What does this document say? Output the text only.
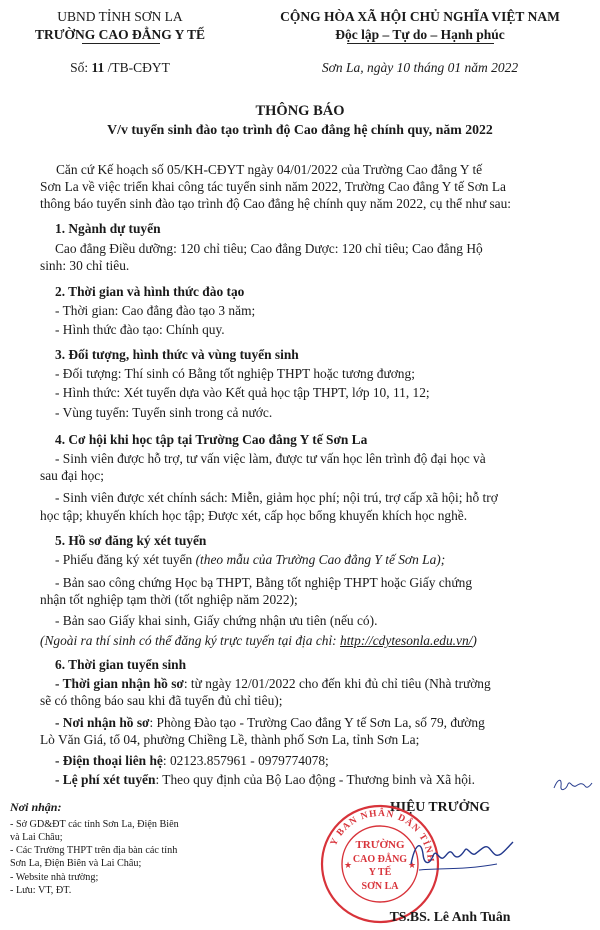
UBND TỈNH SƠN LA
TRƯỜNG CAO ĐẲNG Y TẾ
Số: 11 /TB-CĐYT
CỘNG HÒA XÃ HỘI CHỦ NGHĨA VIỆT NAM
Độc lập – Tự do – Hạnh phúc
Sơn La, ngày 10 tháng 01 năm 2022
THÔNG BÁO
V/v tuyển sinh đào tạo trình độ Cao đẳng hệ chính quy, năm 2022
Căn cứ Kế hoạch số 05/KH-CĐYT ngày 04/01/2022 của Trường Cao đẳng Y tế
Sơn La về việc triển khai công tác tuyển sinh năm 2022, Trường Cao đẳng Y tế Sơn La
thông báo tuyển sinh đào tạo trình độ Cao đẳng hệ chính quy năm 2022, cụ thể như sau:
1. Ngành dự tuyển
Cao đẳng Điều dưỡng: 120 chỉ tiêu; Cao đẳng Dược: 120 chỉ tiêu; Cao đẳng Hộ
sinh: 30 chỉ tiêu.
2. Thời gian và hình thức đào tạo
- Thời gian: Cao đẳng đào tạo 3 năm;
- Hình thức đào tạo: Chính quy.
3. Đối tượng, hình thức và vùng tuyển sinh
- Đối tượng: Thí sinh có Bằng tốt nghiệp THPT hoặc tương đương;
- Hình thức: Xét tuyển dựa vào Kết quả học tập THPT, lớp 10, 11, 12;
- Vùng tuyển: Tuyển sinh trong cả nước.
4. Cơ hội khi học tập tại Trường Cao đẳng Y tế Sơn La
- Sinh viên được hỗ trợ, tư vấn việc làm, được tư vấn học lên trình độ đại học và
sau đại học;
- Sinh viên được xét chính sách: Miễn, giảm học phí; nội trú, trợ cấp xã hội; hỗ trợ
học tập; khuyến khích học tập; Được xét, cấp học bổng khuyến khích học nghề.
5. Hồ sơ đăng ký xét tuyển
- Phiếu đăng ký xét tuyển (theo mẫu của Trường Cao đẳng Y tế Sơn La);
- Bản sao công chứng Học bạ THPT, Bằng tốt nghiệp THPT hoặc Giấy chứng
nhận tốt nghiệp tạm thời (tốt nghiệp năm 2022);
- Bản sao Giấy khai sinh, Giấy chứng nhận ưu tiên (nếu có).
(Ngoài ra thí sinh có thể đăng ký trực tuyến tại địa chỉ: http://cdytesonla.edu.vn/)
6. Thời gian tuyển sinh
- Thời gian nhận hồ sơ: từ ngày 12/01/2022 cho đến khi đủ chỉ tiêu (Nhà trường
sẽ có thông báo sau khi đã tuyển đủ chỉ tiêu);
- Nơi nhận hồ sơ: Phòng Đào tạo - Trường Cao đẳng Y tế Sơn La, số 79, đường
Lò Văn Giá, tổ 04, phường Chiềng Lề, thành phố Sơn La, tỉnh Sơn La;
- Điện thoại liên hệ: 02123.857961 - 0979774078;
- Lệ phí xét tuyển: Theo quy định của Bộ Lao động - Thương binh và Xã hội.
Nơi nhận:
- Sở GD&ĐT các tỉnh Sơn La, Điện Biên
và Lai Châu;
- Các Trường THPT trên địa bàn các tỉnh
Sơn La, Điện Biên và Lai Châu;
- Website nhà trường;
- Lưu: VT, ĐT.
HIỆU TRƯỞNG
Y BAN NHÂN DÂN TỈNH
TRƯỜNG
CAO ĐẲNG
Y TẾ
SƠN LA
★	★
TS.BS. Lê Anh Tuân
